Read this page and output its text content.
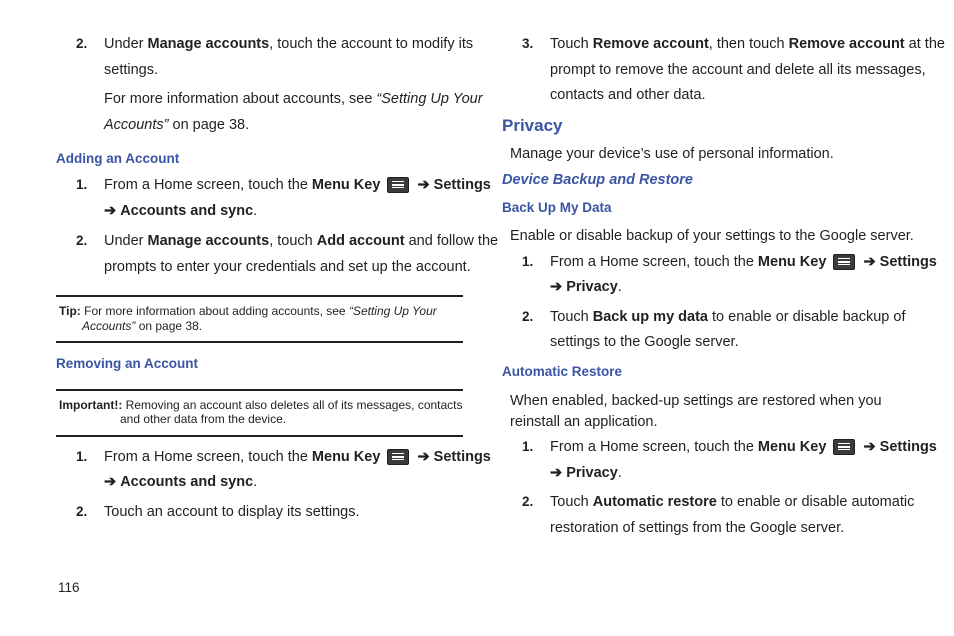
2. Under Manage accounts, touch the account to modify its
settings.
For more information about accounts, see “Setting Up Your
Accounts” on page 38.
Adding an Account
1. From a Home screen, touch the Menu Key	➔ Settings
➔ Accounts and sync.
2. Under Manage accounts, touch Add account and follow the
prompts to enter your credentials and set up the account.
Tip: For more information about adding accounts, see “Setting Up Your
Accounts” on page 38.
Removing an Account
Important!: Removing an account also deletes all of its messages, contacts
and other data from the device.
1. From a Home screen, touch the Menu Key	➔ Settings
➔ Accounts and sync.
2. Touch an account to display its settings.
116
3. Touch Remove account, then touch Remove account at the
prompt to remove the account and delete all its messages,
contacts and other data.
Privacy
Manage your device’s use of personal information.
Device Backup and Restore
Back Up My Data
Enable or disable backup of your settings to the Google server.
1. From a Home screen, touch the Menu Key	➔ Settings
➔ Privacy.
2. Touch Back up my data to enable or disable backup of
settings to the Google server.
Automatic Restore
When enabled, backed-up settings are restored when you
reinstall an application.
1. From a Home screen, touch the Menu Key	➔ Settings
➔ Privacy.
2. Touch Automatic restore to enable or disable automatic
restoration of settings from the Google server.
